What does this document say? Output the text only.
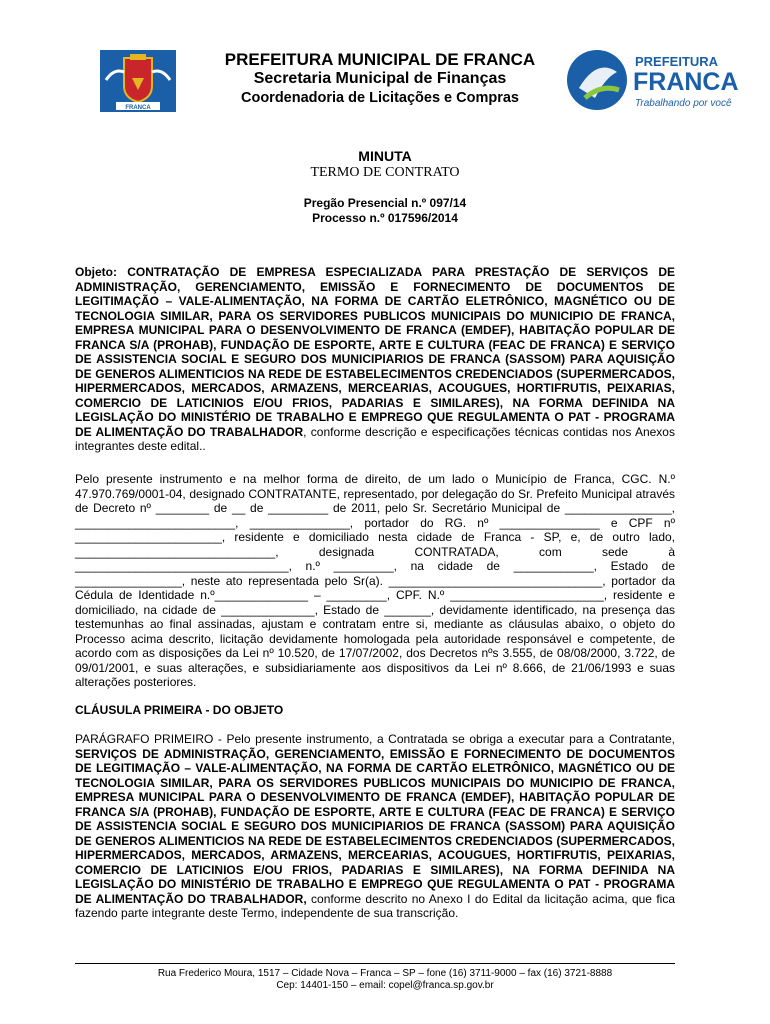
FRANCA
PREFEITURA MUNICIPAL DE FRANCA
Secretaria Municipal de Finanças
Coordenadoria de Licitações e Compras
PREFEITURA
FRANCA
Trabalhando por você
MINUTA
TERMO DE CONTRATO
Pregão Presencial n.º 097/14
Processo n.º 017596/2014

Objeto: CONTRATAÇÃO DE EMPRESA ESPECIALIZADA PARA PRESTAÇÃO DE SERVIÇOS DE ADMINISTRAÇÃO, GERENCIAMENTO, EMISSÃO E FORNECIMENTO DE DOCUMENTOS DE LEGITIMAÇÃO – VALE-ALIMENTAÇÃO, NA FORMA DE CARTÃO ELETRÔNICO, MAGNÉTICO OU DE TECNOLOGIA SIMILAR, PARA OS SERVIDORES PUBLICOS MUNICIPAIS DO MUNICIPIO DE FRANCA, EMPRESA MUNICIPAL PARA O DESENVOLVIMENTO DE FRANCA (EMDEF), HABITAÇÃO POPULAR DE FRANCA S/A (PROHAB), FUNDAÇÃO DE ESPORTE, ARTE E CULTURA (FEAC DE FRANCA) E SERVIÇO DE ASSISTENCIA SOCIAL E SEGURO DOS MUNICIPIARIOS DE FRANCA (SASSOM) PARA AQUISIÇÃO DE GENEROS ALIMENTICIOS NA REDE DE ESTABELECIMENTOS CREDENCIADOS (SUPERMERCADOS, HIPERMERCADOS, MERCADOS, ARMAZENS, MERCEARIAS, ACOUGUES, HORTIFRUTIS, PEIXARIAS, COMERCIO DE LATICINIOS E/OU FRIOS, PADARIAS E SIMILARES), NA FORMA DEFINIDA NA LEGISLAÇÃO DO MINISTÉRIO DE TRABALHO E EMPREGO QUE REGULAMENTA O PAT - PROGRAMA DE ALIMENTAÇÃO DO TRABALHADOR, conforme descrição e especificações técnicas contidas nos Anexos integrantes deste edital..

Pelo presente instrumento e na melhor forma de direito, de um lado o Município de Franca, CGC. N.º 47.970.769/0001-04, designado CONTRATANTE, representado, por delegação do Sr. Prefeito Municipal através de Decreto nº ________ de __ de _________ de 2011, pelo Sr. Secretário Municipal de ________________, ________________________, _______________, portador do RG. nº _______________ e CPF nº ______________________, residente e domiciliado nesta cidade de Franca - SP, e, de outro lado, ______________________________, designada CONTRATADA, com sede à ________________________________, n.º _________, na cidade de ____________, Estado de ________________, neste ato representada pelo Sr(a). ________________________________, portador da Cédula de Identidade n.º______________ – _________, CPF. N.º _______________________, residente e domiciliado, na cidade de ______________, Estado de _______, devidamente identificado, na presença das testemunhas ao final assinadas, ajustam e contratam entre si, mediante as cláusulas abaixo, o objeto do Processo acima descrito, licitação devidamente homologada pela autoridade responsável e competente, de acordo com as disposições da Lei nº 10.520, de 17/07/2002, dos Decretos nºs 3.555, de 08/08/2000, 3.722, de 09/01/2001, e suas alterações, e subsidiariamente aos dispositivos da Lei nº 8.666, de 21/06/1993 e suas alterações posteriores.

CLÁUSULA PRIMEIRA - DO OBJETO

PARÁGRAFO PRIMEIRO - Pelo presente instrumento, a Contratada se obriga a executar para a Contratante, SERVIÇOS DE ADMINISTRAÇÃO, GERENCIAMENTO, EMISSÃO E FORNECIMENTO DE DOCUMENTOS DE LEGITIMAÇÃO – VALE-ALIMENTAÇÃO, NA FORMA DE CARTÃO ELETRÔNICO, MAGNÉTICO OU DE TECNOLOGIA SIMILAR, PARA OS SERVIDORES PUBLICOS MUNICIPAIS DO MUNICIPIO DE FRANCA, EMPRESA MUNICIPAL PARA O DESENVOLVIMENTO DE FRANCA (EMDEF), HABITAÇÃO POPULAR DE FRANCA S/A (PROHAB), FUNDAÇÃO DE ESPORTE, ARTE E CULTURA (FEAC DE FRANCA) E SERVIÇO DE ASSISTENCIA SOCIAL E SEGURO DOS MUNICIPIARIOS DE FRANCA (SASSOM) PARA AQUISIÇÃO DE GENEROS ALIMENTICIOS NA REDE DE ESTABELECIMENTOS CREDENCIADOS (SUPERMERCADOS, HIPERMERCADOS, MERCADOS, ARMAZENS, MERCEARIAS, ACOUGUES, HORTIFRUTIS, PEIXARIAS, COMERCIO DE LATICINIOS E/OU FRIOS, PADARIAS E SIMILARES), NA FORMA DEFINIDA NA LEGISLAÇÃO DO MINISTÉRIO DE TRABALHO E EMPREGO QUE REGULAMENTA O PAT - PROGRAMA DE ALIMENTAÇÃO DO TRABALHADOR, conforme descrito no Anexo I do Edital da licitação acima, que fica fazendo parte integrante deste Termo, independente de sua transcrição.

Rua Frederico Moura, 1517 – Cidade Nova – Franca – SP – fone (16) 3711-9000 – fax (16) 3721-8888
Cep: 14401-150 – email: copel@franca.sp.gov.br
